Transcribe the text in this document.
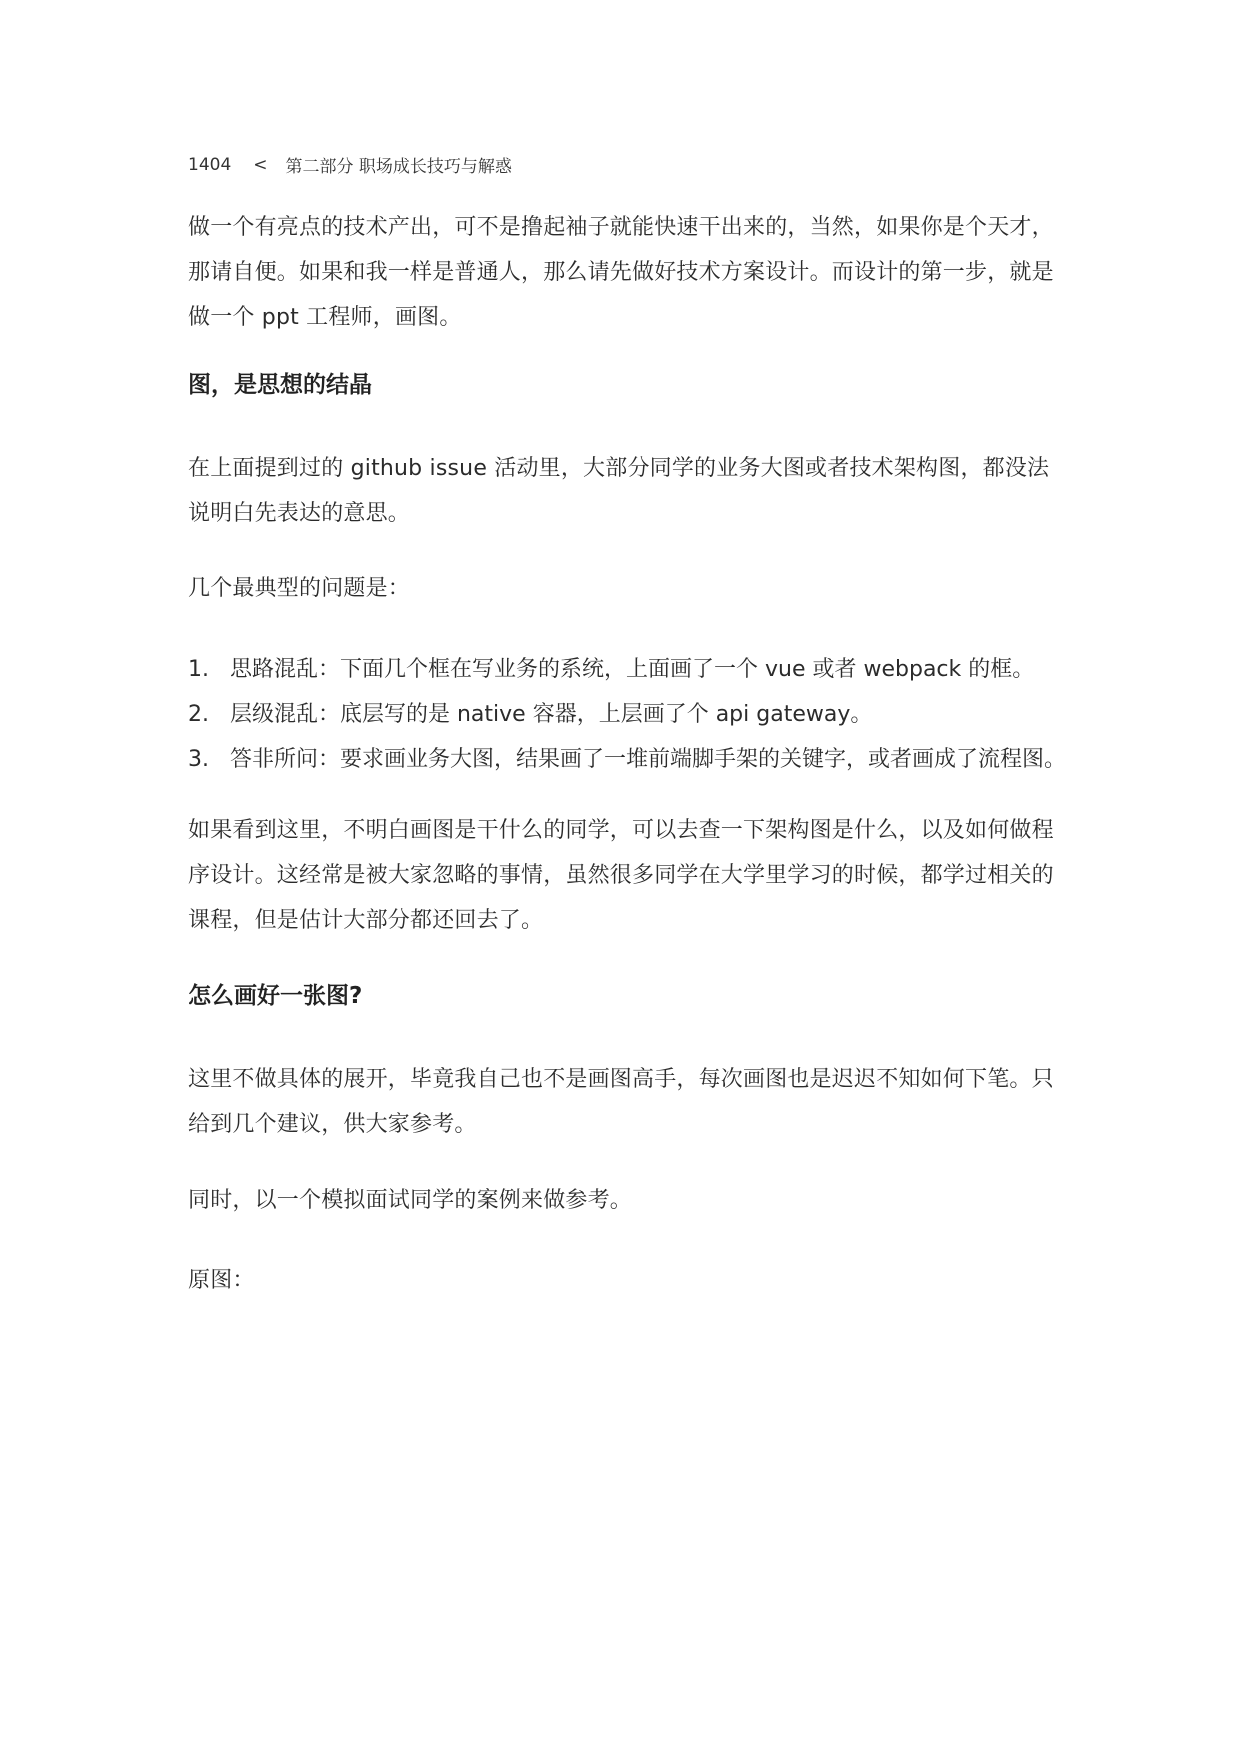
1404 < 第二部分 职场成长技巧与解惑
做一个有亮点的技术产出，可不是撸起袖子就能快速干出来的，当然，如果你是个天才，那请自便。如果和我一样是普通人，那么请先做好技术方案设计。而设计的第一步，就是做一个 ppt 工程师，画图。
图，是思想的结晶
在上面提到过的 github issue 活动里，大部分同学的业务大图或者技术架构图，都没法说明白先表达的意思。
几个最典型的问题是：
1. 思路混乱：下面几个框在写业务的系统，上面画了一个 vue 或者 webpack 的框。
2. 层级混乱：底层写的是 native 容器，上层画了个 api gateway。
3. 答非所问：要求画业务大图，结果画了一堆前端脚手架的关键字，或者画成了流程图。
如果看到这里，不明白画图是干什么的同学，可以去查一下架构图是什么，以及如何做程序设计。这经常是被大家忽略的事情，虽然很多同学在大学里学习的时候，都学过相关的课程，但是估计大部分都还回去了。
怎么画好一张图?
这里不做具体的展开，毕竟我自己也不是画图高手，每次画图也是迟迟不知如何下笔。只给到几个建议，供大家参考。
同时，以一个模拟面试同学的案例来做参考。
原图：
